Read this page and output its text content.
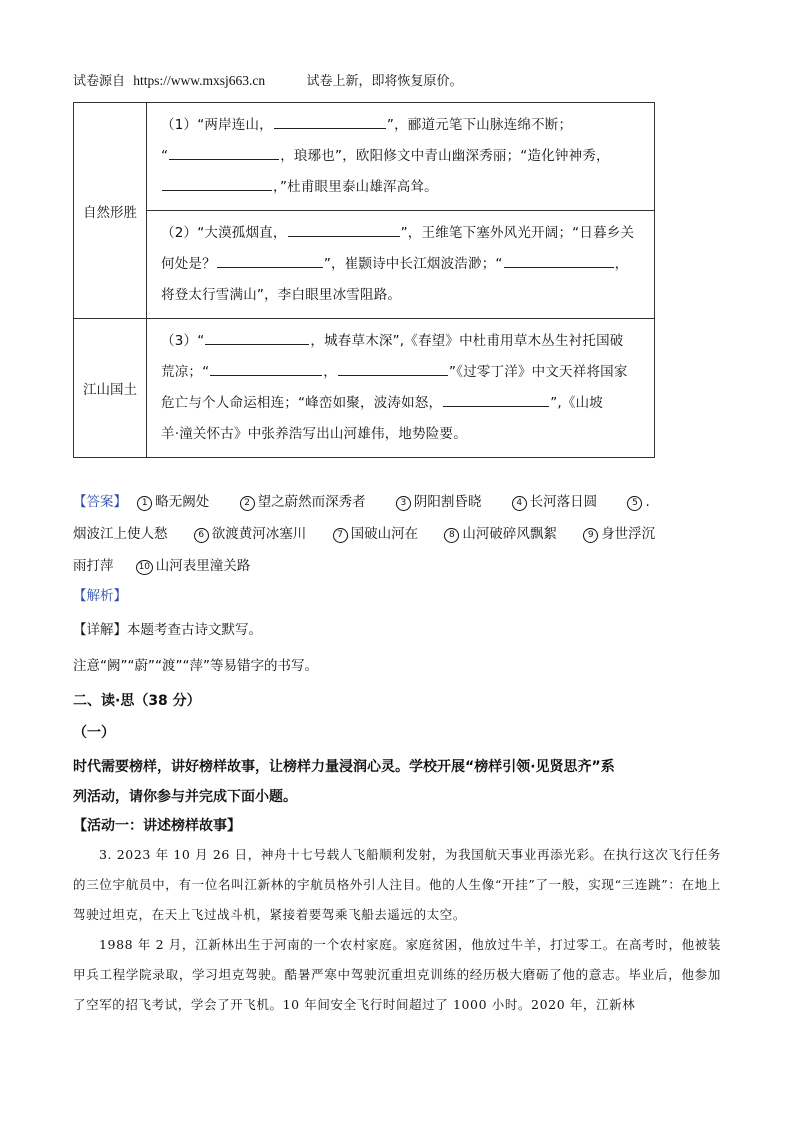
试卷源自 https://www.mxsj663.cn	试卷上新，即将恢复原价。
自然形胜	（1）“两岸连山， ”，郦道元笔下山脉连绵不断；
“ ，琅琊也”，欧阳修文中青山幽深秀丽；“造化钟神秀，
，”杜甫眼里泰山雄浑高耸。
	（2）“大漠孤烟直， ”，王维笔下塞外风光开阔；“日暮乡关
何处是？ ”，崔颢诗中长江烟波浩渺；“ ，
将登太行雪满山”，李白眼里冰雪阻路。
江山国土	（3）“ ，城春草木深”,《春望》中杜甫用草木丛生衬托国破
荒凉；“ ， ”《过零丁洋》中文天祥将国家
危亡与个人命运相连；“峰峦如聚，波涛如怒， ”,《山坡
羊·潼关怀古》中张养浩写出山河雄伟，地势险要。
【答案】 1 略无阙处	2 望之蔚然而深秀者	3 阴阳割昏晓	4 长河落日圆	5 .
烟波江上使人愁	6 欲渡黄河冰塞川	7 国破山河在	8 山河破碎风飘絮	9 身世浮沉
雨打萍	10 山河表里潼关路
【解析】
【详解】本题考查古诗文默写。
注意“阙”“蔚”“渡”“萍”等易错字的书写。
二、读·思（38 分）
（一）
时代需要榜样，讲好榜样故事，让榜样力量浸润心灵。学校开展“榜样引领·见贤思齐”系
列活动，请你参与并完成下面小题。
【活动一：讲述榜样故事】

3. 2023 年 10 月 26 日，神舟十七号载人飞船顺利发射，为我国航天事业再添光彩。在执行这次飞行任务的三位宇航员中，有一位名叫江新林的宇航员格外引人注目。他的人生像“开挂”了一般，实现“三连跳”：在地上驾驶过坦克，在天上飞过战斗机，紧接着要驾乘飞船去遥远的太空。

1988 年 2 月，江新林出生于河南的一个农村家庭。家庭贫困，他放过牛羊，打过零工。在高考时，他被装甲兵工程学院录取，学习坦克驾驶。酷暑严寒中驾驶沉重坦克训练的经历极大磨砺了他的意志。毕业后，他参加了空军的招飞考试，学会了开飞机。10 年间安全飞行时间超过了 1000 小时。2020 年，江新林
